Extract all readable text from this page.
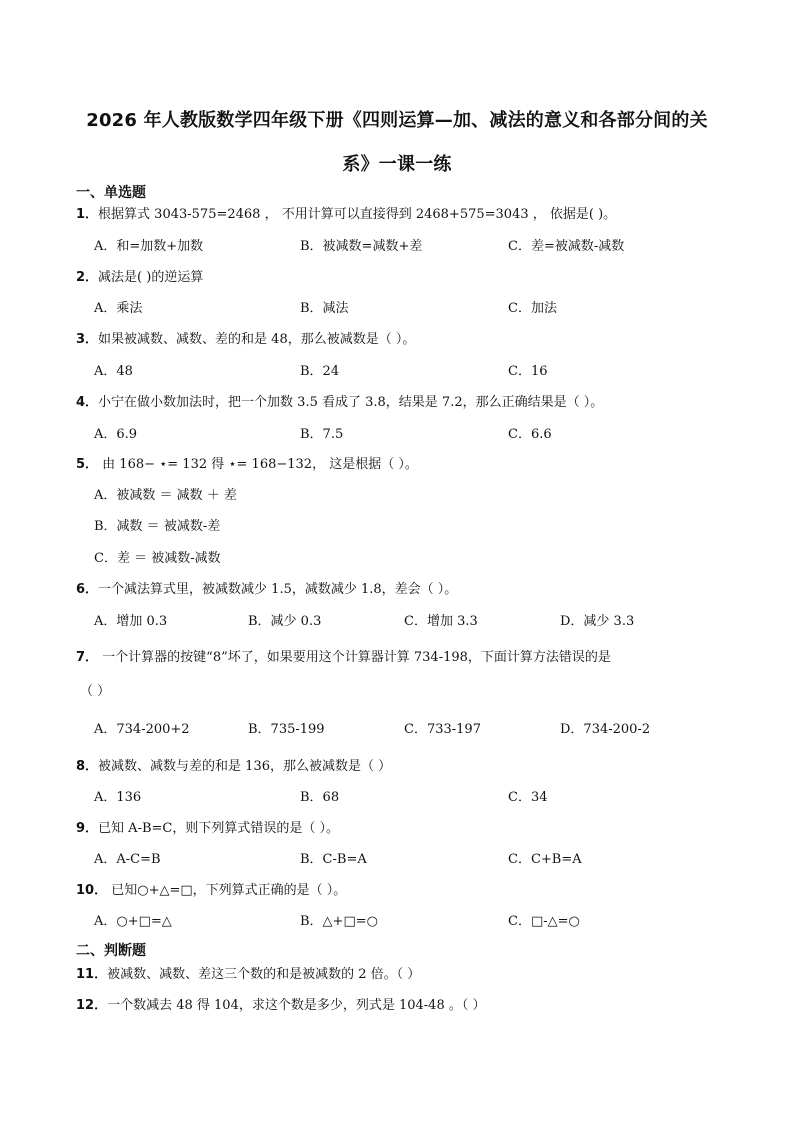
2026 年人教版数学四年级下册《四则运算—加、减法的意义和各部分间的关
系》一课一练
一、单选题
1．根据算式 3043-575=2468 ， 不用计算可以直接得到 2468+575=3043 ， 依据是( )。
A．和=加数+加数	B．被减数=减数+差	C．差=被减数-减数
2．减法是( )的逆运算
A．乘法	B．减法	C．加法
3．如果被减数、减数、差的和是 48，那么被减数是（ ）。
A．48	B．24	C．16
4．小宁在做小数加法时，把一个加数 3.5 看成了 3.8，结果是 7.2，那么正确结果是（ ）。
A．6.9	B．7.5	C．6.6
5． 由 168− ⋆= 132 得 ⋆= 168−132， 这是根据（ ）。
A．被减数 ＝ 减数 ＋ 差
B．减数 ＝ 被减数-差
C．差 ＝ 被减数-减数
6．一个减法算式里，被减数减少 1.5，减数减少 1.8，差会（ ）。
A．增加 0.3	B．减少 0.3	C．增加 3.3	D．减少 3.3
7． 一个计算器的按键“8”坏了，如果要用这个计算器计算 734-198，下面计算方法错误的是
（ ）
A．734-200+2	B．735-199	C．733-197	D．734-200-2
8．被减数、减数与差的和是 136，那么被减数是（ ）
A．136	B．68	C．34
9．已知 A-B=C，则下列算式错误的是（ ）。
A．A-C=B	B．C-B=A	C．C+B=A
10． 已知○+△=□，下列算式正确的是（ ）。
A．○+□=△	B．△+□=○	C．□-△=○
二、判断题
11．被减数、减数、差这三个数的和是被减数的 2 倍。（ ）
12．一个数减去 48 得 104，求这个数是多少，列式是 104-48 。（ ）
